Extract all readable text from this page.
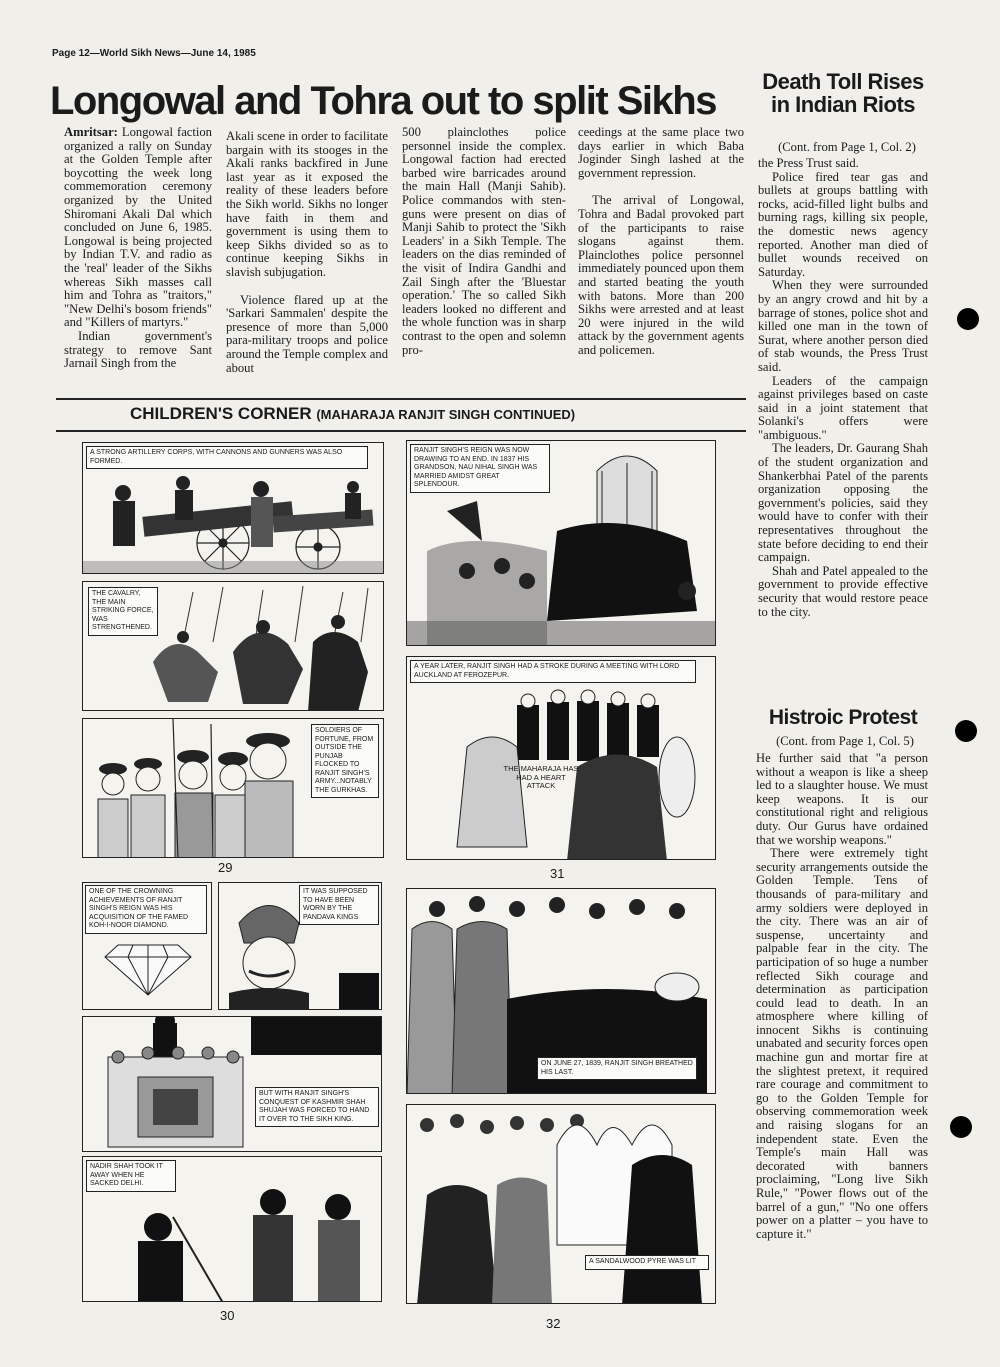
Page 12—World Sikh News—June 14, 1985
Longowal and Tohra out to split Sikhs

Amritsar: Longowal faction organized a rally on Sunday at the Golden Temple after boycotting the week long commemoration ceremony organized by the United Shiromani Akali Dal which concluded on June 6, 1985. Longowal is being projected by Indian T.V. and radio as the 'real' leader of the Sikhs whereas Sikh masses call him and Tohra as "traitors," "New Delhi's bosom friends" and "Killers of martyrs."

Indian government's strategy to remove Sant Jarnail Singh from the

Akali scene in order to facilitate bargain with its stooges in the Akali ranks backfired in June last year as it exposed the reality of these leaders before the Sikh world. Sikhs no longer have faith in them and government is using them to keep Sikhs divided so as to continue keeping Sikhs in slavish subjugation.

Violence flared up at the 'Sarkari Sammalen' despite the presence of more than 5,000 para-military troops and police around the Temple complex and about

500 plainclothes police personnel inside the complex. Longowal faction had erected barbed wire barricades around the main Hall (Manji Sahib). Police commandos with sten-guns were present on dias of Manji Sahib to protect the 'Sikh Leaders' in a Sikh Temple. The leaders on the dias reminded of the visit of Indira Gandhi and Zail Singh after the 'Bluestar operation.' The so called Sikh leaders looked no different and the whole function was in sharp contrast to the open and solemn pro-

ceedings at the same place two days earlier in which Baba Joginder Singh lashed at the government repression.

The arrival of Longowal, Tohra and Badal provoked part of the participants to raise slogans against them. Plainclothes police personnel immediately pounced upon them and started beating the youth with batons. More than 200 Sikhs were arrested and at least 20 were injured in the wild attack by the government agents and policemen.

CHILDREN'S CORNER (MAHARAJA RANJIT SINGH CONTINUED)
A STRONG ARTILLERY CORPS, WITH CANNONS AND GUNNERS WAS ALSO FORMED.
THE CAVALRY, THE MAIN STRIKING FORCE, WAS STRENGTHENED.
SOLDIERS OF FORTUNE, FROM OUTSIDE THE PUNJAB FLOCKED TO RANJIT SINGH'S ARMY...NOTABLY THE GURKHAS.
29
RANJIT SINGH'S REIGN WAS NOW DRAWING TO AN END. IN 1837 HIS GRANDSON, NAU NIHAL SINGH WAS MARRIED AMIDST GREAT SPLENDOUR.
A YEAR LATER, RANJIT SINGH HAD A STROKE DURING A MEETING WITH LORD AUCKLAND AT FEROZEPUR.
THE MAHARAJA HAS HAD A HEART ATTACK
31
ONE OF THE CROWNING ACHIEVEMENTS OF RANJIT SINGH'S REIGN WAS HIS ACQUISITION OF THE FAMED KOH-I-NOOR DIAMOND.
IT WAS SUPPOSED TO HAVE BEEN WORN BY THE PANDAVA KINGS
BUT WITH RANJIT SINGH'S CONQUEST OF KASHMIR SHAH SHUJAH WAS FORCED TO HAND IT OVER TO THE SIKH KING.
NADIR SHAH TOOK IT AWAY WHEN HE SACKED DELHI.
30
ON JUNE 27, 1839, RANJIT SINGH BREATHED HIS LAST.
A SANDALWOOD PYRE WAS LIT
32
Death Toll Rises in Indian Riots
(Cont. from Page 1, Col. 2)

the Press Trust said.

Police fired tear gas and bullets at groups battling with rocks, acid-filled light bulbs and burning rags, killing six people, the domestic news agency reported. Another man died of bullet wounds received on Saturday.

When they were surrounded by an angry crowd and hit by a barrage of stones, police shot and killed one man in the town of Surat, where another person died of stab wounds, the Press Trust said.

Leaders of the campaign against privileges based on caste said in a joint statement that Solanki's offers were "ambiguous."

The leaders, Dr. Gaurang Shah of the student organization and Shankerbhai Patel of the parents organization opposing the government's policies, said they would have to confer with their representatives throughout the state before deciding to end their campaign.

Shah and Patel appealed to the government to provide effective security that would restore peace to the city.

Histroic Protest
(Cont. from Page 1, Col. 5)

He further said that "a person without a weapon is like a sheep led to a slaughter house. We must keep weapons. It is our constitutional right and religious duty. Our Gurus have ordained that we worship weapons."

There were extremely tight security arrangements outside the Golden Temple. Tens of thousands of para-military and army soldiers were deployed in the city. There was an air of suspense, uncertainty and palpable fear in the city. The participation of so huge a number reflected Sikh courage and determination as participation could lead to death. In an atmosphere where killing of innocent Sikhs is continuing unabated and security forces open machine gun and mortar fire at the slightest pretext, it required rare courage and commitment to go to the Golden Temple for observing commemoration week and raising slogans for an independent state. Even the Temple's main Hall was decorated with banners proclaiming, "Long live Sikh Rule," "Power flows out of the barrel of a gun," "No one offers power on a platter – you have to capture it."
